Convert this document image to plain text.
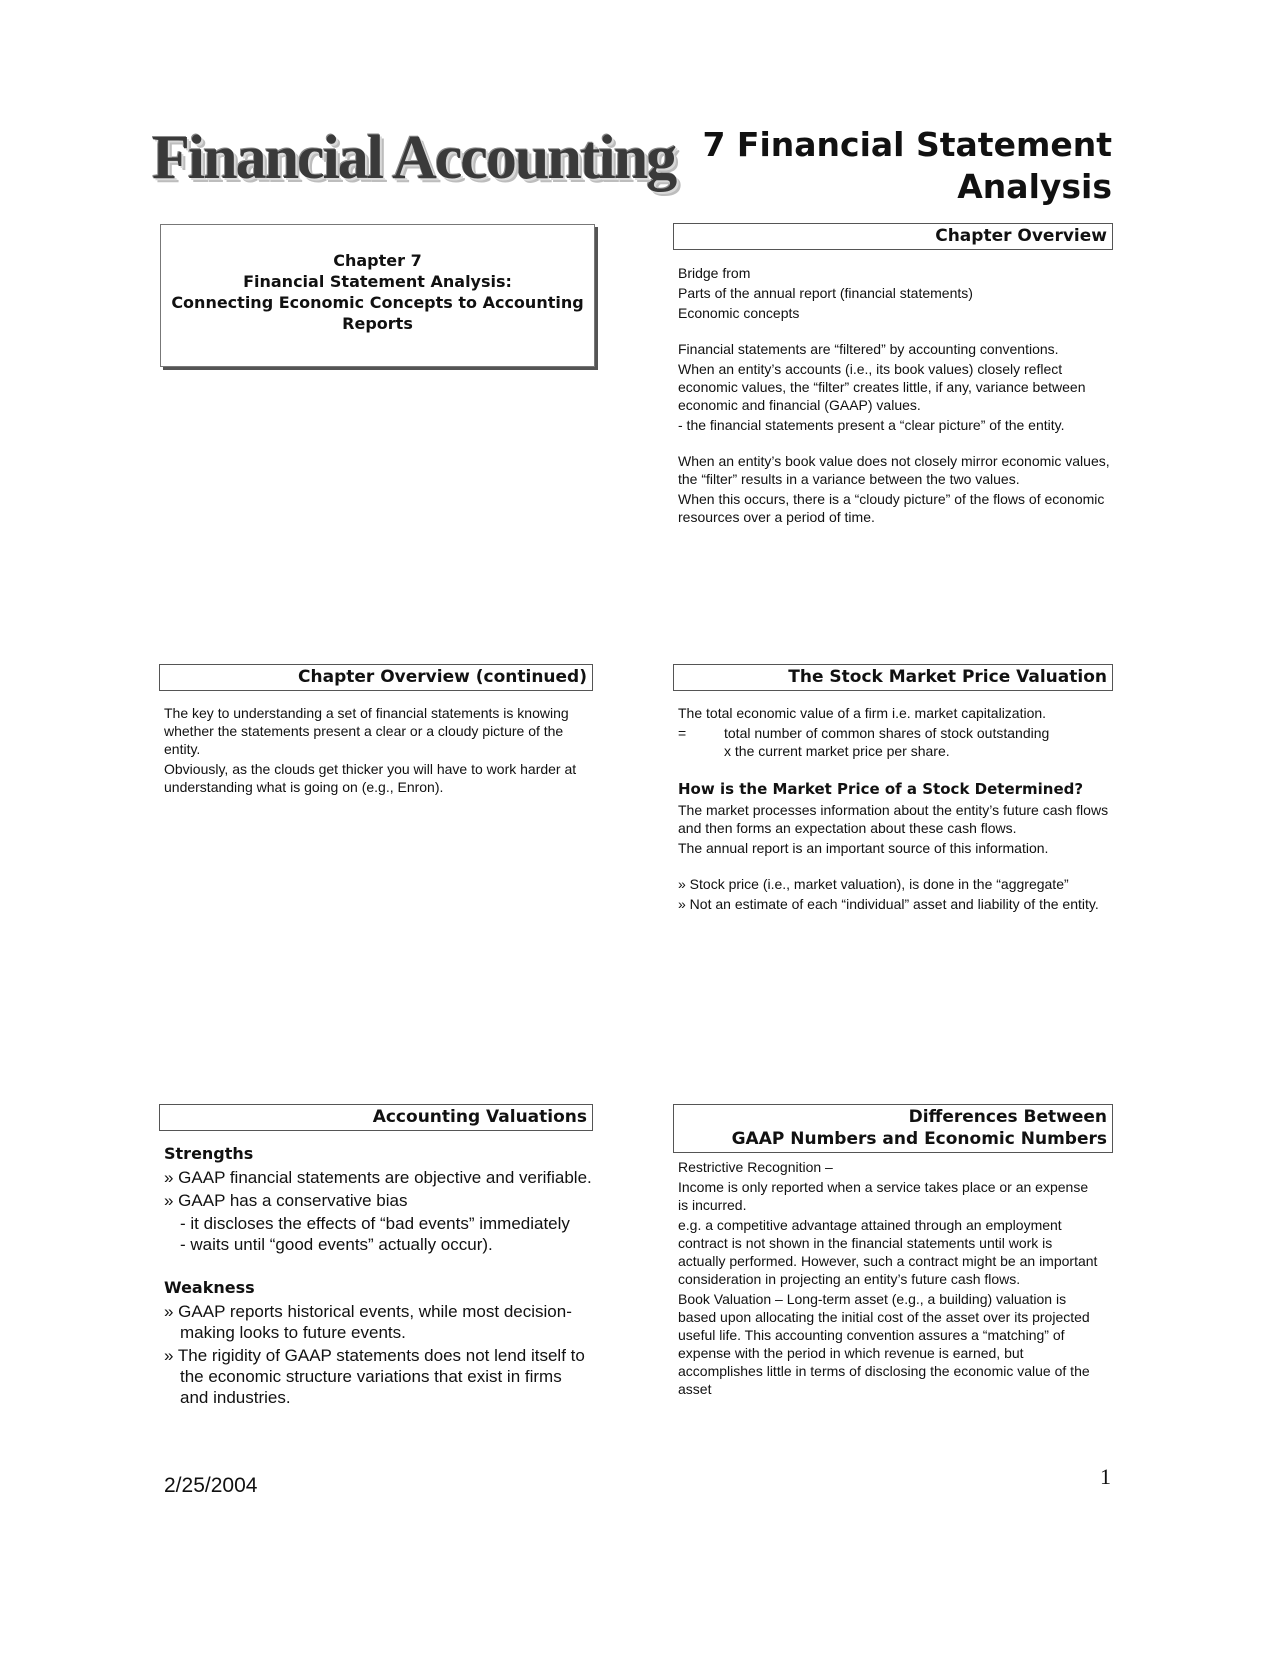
Financial Accounting 7 Financial Statement
Analysis
Chapter 7
Financial Statement Analysis:
Connecting Economic Concepts to Accounting
Reports
Chapter Overview

Bridge from

Parts of the annual report (financial statements)

Economic concepts

Financial statements are “filtered” by accounting conventions.

When an entity’s accounts (i.e., its book values) closely reflect economic values, the “filter” creates little, if any, variance between economic and financial (GAAP) values.

- the financial statements present a “clear picture” of the entity.

When an entity’s book value does not closely mirror economic values, the “filter” results in a variance between the two values.

When this occurs, there is a “cloudy picture” of the flows of economic resources over a period of time.

Chapter Overview (continued)

The key to understanding a set of financial statements is knowing whether the statements present a clear or a cloudy picture of the entity.

Obviously, as the clouds get thicker you will have to work harder at understanding what is going on (e.g., Enron).

The Stock Market Price Valuation

The total economic value of a firm i.e. market capitalization.

=	total number of common shares of stock outstanding
x the current market price per share.

How is the Market Price of a Stock Determined?

The market processes information about the entity’s future cash flows and then forms an expectation about these cash flows.

The annual report is an important source of this information.

» Stock price (i.e., market valuation), is done in the “aggregate”

» Not an estimate of each “individual” asset and liability of the entity.

Accounting Valuations

Strengths

» GAAP financial statements are objective and verifiable.

» GAAP has a conservative bias

- it discloses the effects of “bad events” immediately

- waits until “good events” actually occur).

Weakness

» GAAP reports historical events, while most decision-making looks to future events.

» The rigidity of GAAP statements does not lend itself to the economic structure variations that exist in firms and industries.

Differences Between
GAAP Numbers and Economic Numbers

Restrictive Recognition –

Income is only reported when a service takes place or an expense is incurred.

e.g. a competitive advantage attained through an employment contract is not shown in the financial statements until work is actually performed. However, such a contract might be an important consideration in projecting an entity’s future cash flows.

Book Valuation – Long-term asset (e.g., a building) valuation is based upon allocating the initial cost of the asset over its projected useful life. This accounting convention assures a “matching” of expense with the period in which revenue is earned, but accomplishes little in terms of disclosing the economic value of the asset

2/25/2004	1
